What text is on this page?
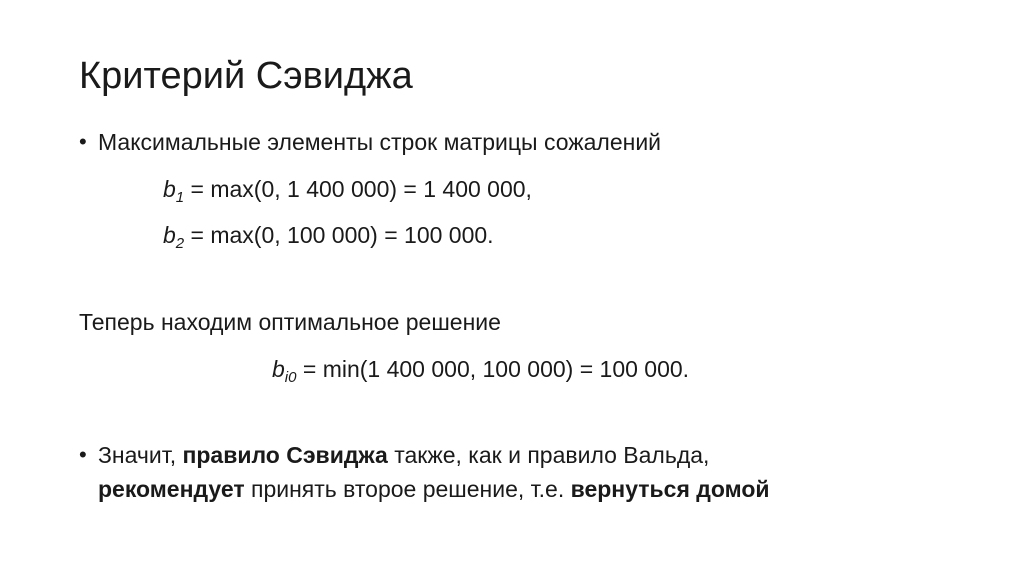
Критерий Сэвиджа
• Максимальные элементы строк матрицы сожалений
$b_1 = \max(0$, 1 400 000) = 1 400 000,
$b_2 = \max(0$, 100 000) = 100 000.
Теперь находим оптимальное решение
$b_{i0} = \min(1$ 400 000, 100 000) = 100 000.
• Значит, правило Сэвиджа также, как и правило Вальда,
рекомендует принять второе решение, т.е. вернуться домой
